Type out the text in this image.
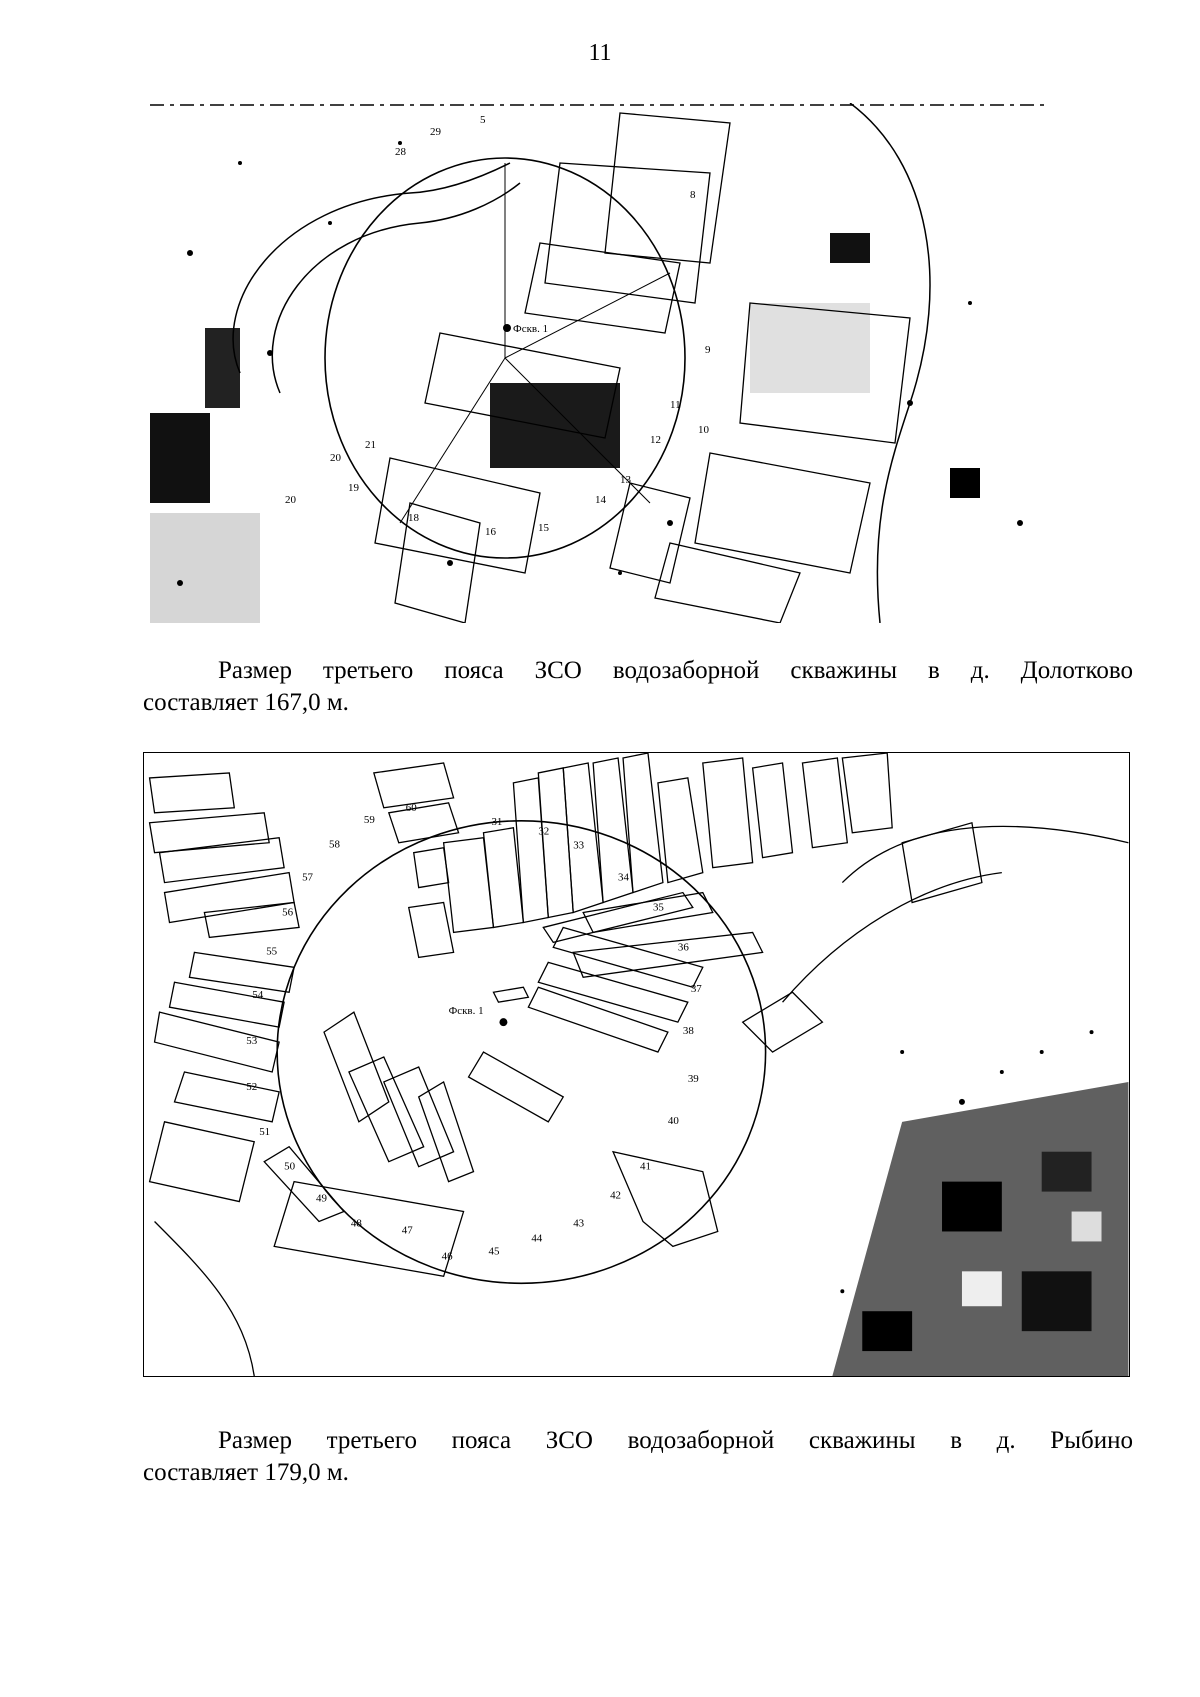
11
Фскв. 1
29
28
20
21
20
19
18
16	15
14
13
12
11
10
9
8
5
Размер третьего пояса ЗСО водозаборной скважины в д. Долотково
составляет 167,0 м.
Фскв. 1
31
32
33
34
35
36
37
38
39
40
41
42
43
44
45
46
47
48
49
50
51
52
53
54
55
56
57
58
59
60
Размер третьего пояса ЗСО водозаборной скважины в д. Рыбино
составляет 179,0 м.
